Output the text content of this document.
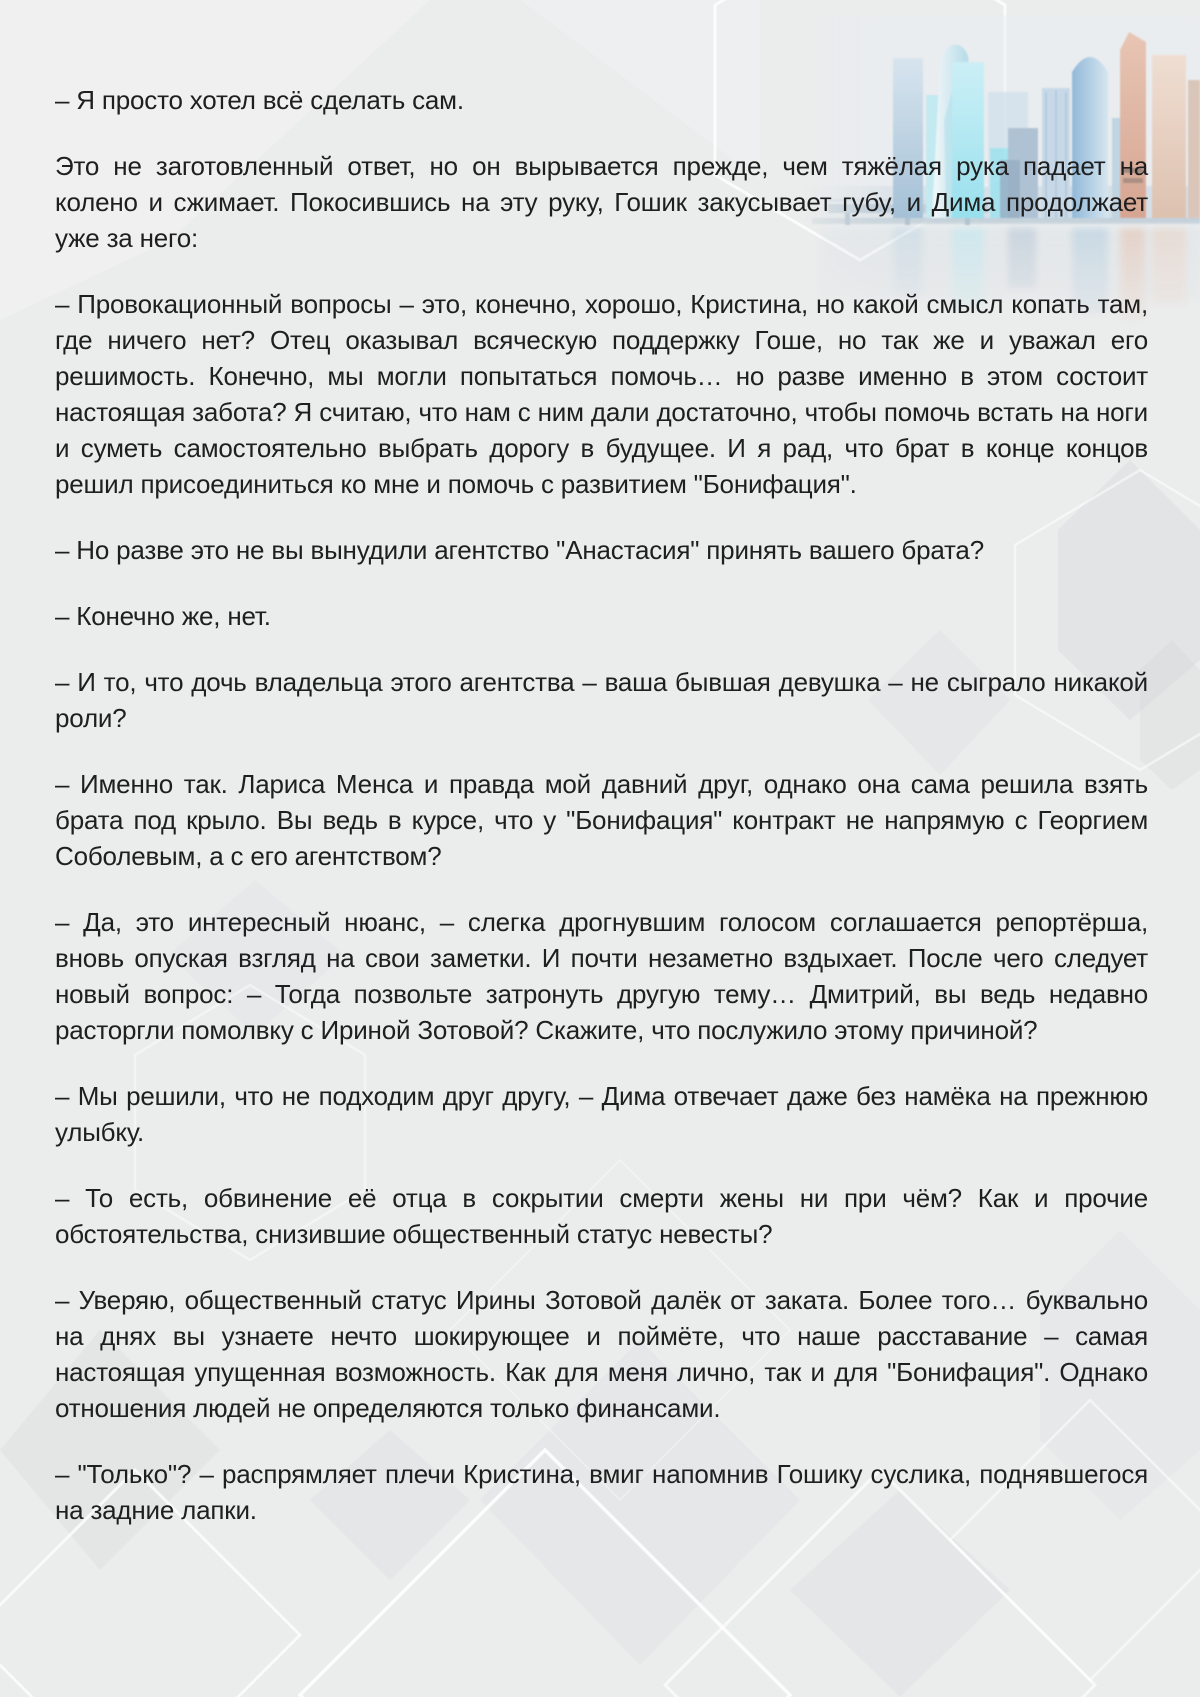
– Я просто хотел всё сделать сам.

Это не заготовленный ответ, но он вырывается прежде, чем тяжёлая рука падает на колено и сжимает. Покосившись на эту руку, Гошик закусывает губу, и Дима продолжает уже за него:

– Провокационный вопросы – это, конечно, хорошо, Кристина, но какой смысл копать там, где ничего нет? Отец оказывал всяческую поддержку Гоше, но так же и уважал его решимость. Конечно, мы могли попытаться помочь… но разве именно в этом состоит настоящая забота? Я считаю, что нам с ним дали достаточно, чтобы помочь встать на ноги и суметь самостоятельно выбрать дорогу в будущее. И я рад, что брат в конце концов решил присоединиться ко мне и помочь с развитием "Бонифация".

– Но разве это не вы вынудили агентство "Анастасия" принять вашего брата?

– Конечно же, нет.

– И то, что дочь владельца этого агентства – ваша бывшая девушка – не сыграло никакой роли?

– Именно так. Лариса Менса и правда мой давний друг, однако она сама решила взять брата под крыло. Вы ведь в курсе, что у "Бонифация" контракт не напрямую с Георгием Соболевым, а с его агентством?

– Да, это интересный нюанс, – слегка дрогнувшим голосом соглашается репортёрша, вновь опуская взгляд на свои заметки. И почти незаметно вздыхает. После чего следует новый вопрос: – Тогда позвольте затронуть другую тему… Дмитрий, вы ведь недавно расторгли помолвку с Ириной Зотовой? Скажите, что послужило этому причиной?

– Мы решили, что не подходим друг другу, – Дима отвечает даже без намёка на прежнюю улыбку.

– То есть, обвинение её отца в сокрытии смерти жены ни при чём? Как и прочие обстоятельства, снизившие общественный статус невесты?

– Уверяю, общественный статус Ирины Зотовой далёк от заката. Более того… буквально на днях вы узнаете нечто шокирующее и поймёте, что наше расставание – самая настоящая упущенная возможность. Как для меня лично, так и для "Бонифация". Однако отношения людей не определяются только финансами.

– "Только"? – распрямляет плечи Кристина, вмиг напомнив Гошику суслика, поднявшегося на задние лапки.
